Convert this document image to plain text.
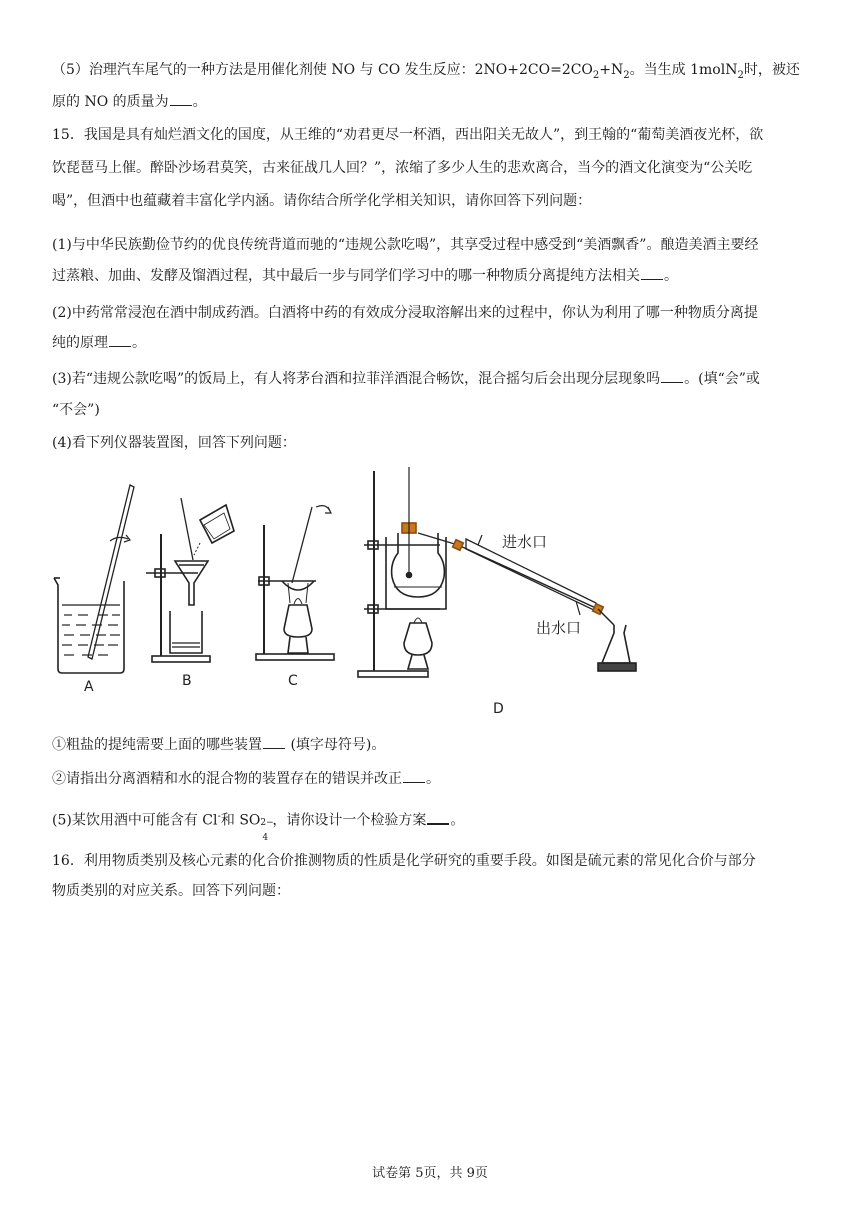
（5）治理汽车尾气的一种方法是用催化剂使 NO 与 CO 发生反应：$2NO+2CO=2CO_2+N_2$。当生成 1molN$_2$时，被还
原的 NO 的质量为 。
15．我国是具有灿烂酒文化的国度，从王维的“劝君更尽一杯酒，西出阳关无故人”，到王翰的“葡萄美酒夜光杯，欲
饮琵琶马上催。醉卧沙场君莫笑，古来征战几人回？”，浓缩了多少人生的悲欢离合，当今的酒文化演变为“公关吃
喝”，但酒中也蕴藏着丰富化学内涵。请你结合所学化学相关知识，请你回答下列问题：
(1)与中华民族勤俭节约的优良传统背道而驰的“违规公款吃喝”，其享受过程中感受到“美酒飘香”。酿造美酒主要经
过蒸粮、加曲、发酵及馏酒过程，其中最后一步与同学们学习中的哪一种物质分离提纯方法相关 。
(2)中药常常浸泡在酒中制成药酒。白酒将中药的有效成分浸取溶解出来的过程中，你认为利用了哪一种物质分离提
纯的原理 。
(3)若“违规公款吃喝”的饭局上，有人将茅台酒和拉菲洋酒混合畅饮，混合摇匀后会出现分层现象吗 。(填“会”或
“不会”)
(4)看下列仪器装置图，回答下列问题：
A	B	C
进水口
出水口
D
①粗盐的提纯需要上面的哪些装置 (填字母符号)。
②请指出分离酒精和水的混合物的装置存在的错误并改正 。
(5)某饮用酒中可能含有 Cl-和 SO 2−
4
，请你设计一个检验方案 。
16．利用物质类别及核心元素的化合价推测物质的性质是化学研究的重要手段。如图是硫元素的常见化合价与部分
物质类别的对应关系。回答下列问题：
试卷第 5页，共 9页
